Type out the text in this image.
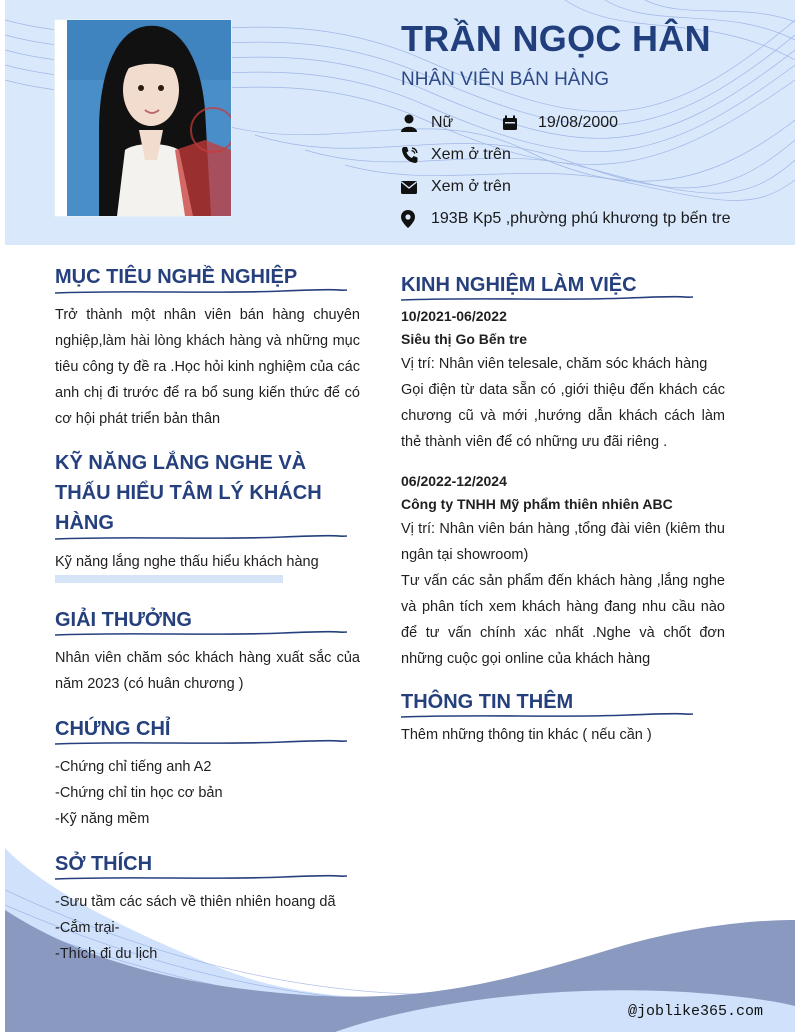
TRẦN NGỌC HÂN
NHÂN VIÊN BÁN HÀNG
Nữ	19/08/2000
Xem ở trên
Xem ở trên
193B Kp5 ,phường phú khương tp bến tre
MỤC TIÊU NGHỀ NGHIỆP

Trở thành một nhân viên bán hàng chuyên nghiệp,làm hài lòng khách hàng và những mục tiêu công ty đề ra .Học hỏi kinh nghiệm của các anh chị đi trước để ra bổ sung kiến thức để có cơ hội phát triển bản thân

KỸ NĂNG LẮNG NGHE VÀ
THẤU HIỂU TÂM LÝ KHÁCH
HÀNG
Kỹ năng lắng nghe thấu hiểu khách hàng
GIẢI THƯỞNG

Nhân viên chăm sóc khách hàng xuất sắc của năm 2023 (có huân chương )

CHỨNG CHỈ
-Chứng chỉ tiếng anh A2
-Chứng chỉ tin học cơ bản
-Kỹ năng mềm
SỞ THÍCH
-Sưu tầm các sách về thiên nhiên hoang dã
-Cắm trại-
-Thích đi du lịch
KINH NGHIỆM LÀM VIỆC
10/2021-06/2022
Siêu thị Go Bến tre
Vị trí: Nhân viên telesale, chăm sóc khách hàng

Gọi điện từ data sẵn có ,giới thiệu đến khách các chương cũ và mới ,hướng dẫn khách cách làm thẻ thành viên để có những ưu đãi riêng .

06/2022-12/2024
Công ty TNHH Mỹ phẩm thiên nhiên ABC

Vị trí: Nhân viên bán hàng ,tổng đài viên (kiêm thu ngân tại showroom)

Tư vấn các sản phẩm đến khách hàng ,lắng nghe và phân tích xem khách hàng đang nhu cầu nào để tư vấn chính xác nhất .Nghe và chốt đơn những cuộc gọi online của khách hàng

THÔNG TIN THÊM
Thêm những thông tin khác ( nếu cần )
@joblike365.com
